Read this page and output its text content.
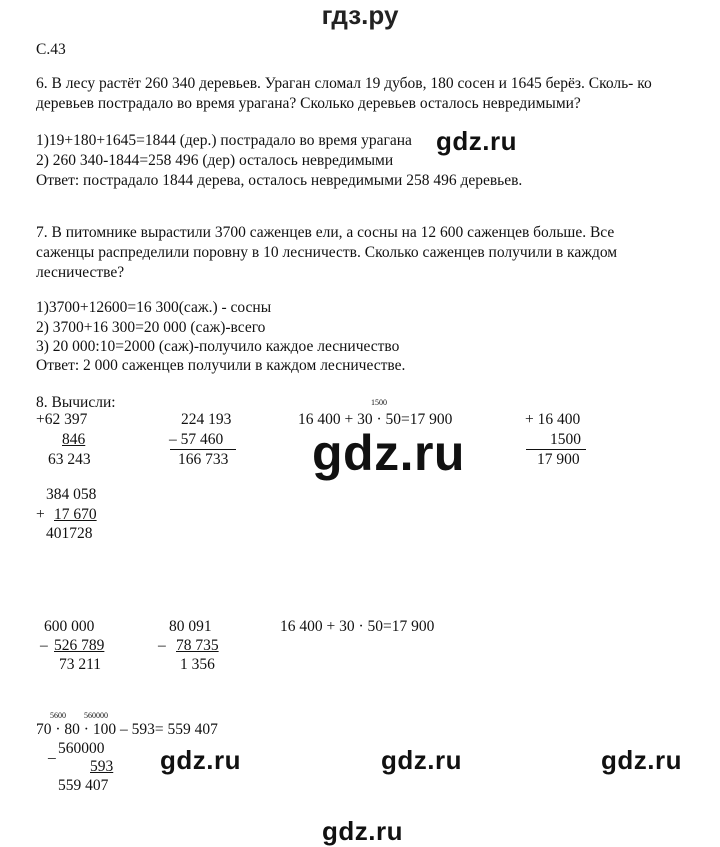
гдз.ру
С.43
6. В лесу растёт 260 340 деревьев. Ураган сломал 19 дубов, 180 сосен и 1645 берёз. Сколь- ко
деревьев пострадало во время урагана? Сколько деревьев осталось невредимыми?
1)19+180+1645=1844 (дер.) пострадало во время урагана
2) 260 340-1844=258 496 (дер) осталось невредимыми
Ответ: пострадало 1844 дерева, осталось невредимыми 258 496 деревьев.
7. В питомнике вырастили 3700 саженцев ели, а сосны на 12 600 саженцев больше. Все
саженцы распределили поровну в 10 лесничеств. Сколько саженцев получили в каждом
лесничестве?
1)3700+12600=16 300(саж.) - сосны
2) 3700+16 300=20 000 (саж)-всего
3) 20 000:10=2000 (саж)-получило каждое лесничество
Ответ: 2 000 саженцев получили в каждом лесничестве.
8. Вычисли:
+62 397
846
63 243
224 193
– 57 460
166 733
1500
16 400 + 30 · 50=17 900	+ 16 400
1500
17 900
384 058
+ 17 670
401728
600 000
– 526 789
73 211
80 091
– 78 735
1 356
16 400 + 30 · 50=17 900
5600 560000
70 · 80 · 100 – 593= 559 407
_ 560000
593
559 407
gdz.ru
gdz.ru
gdz.ru	gdz.ru	gdz.ru
gdz.ru
